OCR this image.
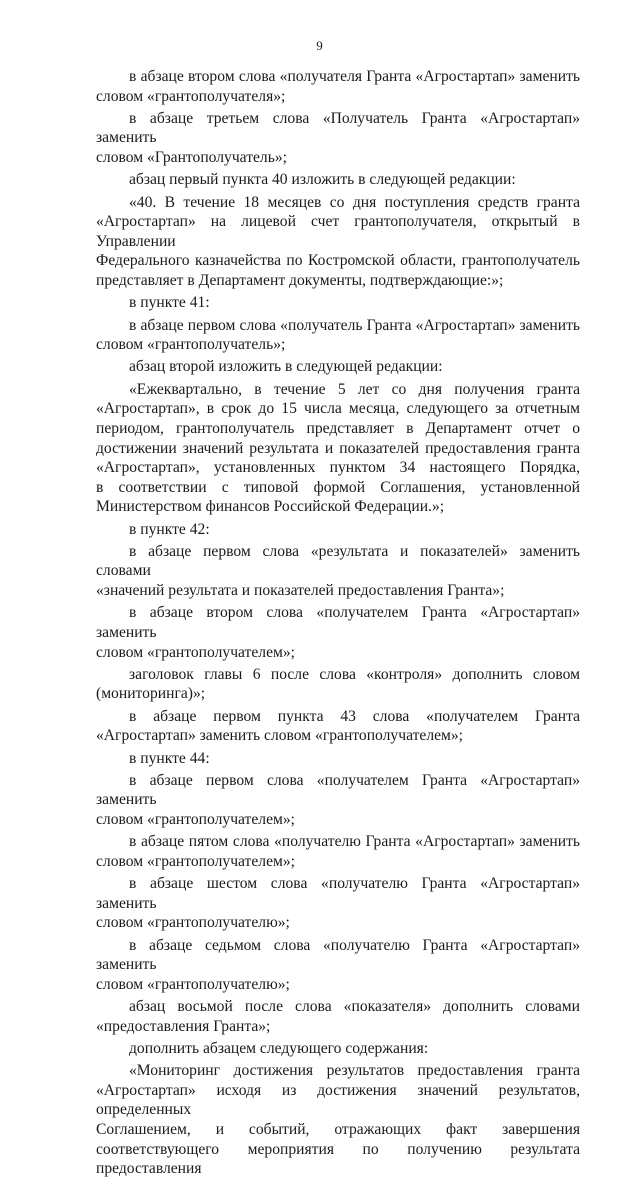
9

в абзаце втором слова «получателя Гранта «Агростартап» заменить
словом «грантополучателя»;

в абзаце третьем слова «Получатель Гранта «Агростартап» заменить
словом «Грантополучатель»;

абзац первый пункта 40 изложить в следующей редакции:

«40. В течение 18 месяцев со дня поступления средств гранта
«Агростартап» на лицевой счет грантополучателя, открытый в Управлении
Федерального казначейства по Костромской области, грантополучатель
представляет в Департамент документы, подтверждающие:»;

в пункте 41:

в абзаце первом слова «получатель Гранта «Агростартап» заменить
словом «грантополучатель»;

абзац второй изложить в следующей редакции:

«Ежеквартально, в течение 5 лет со дня получения гранта
«Агростартап», в срок до 15 числа месяца, следующего за отчетным
периодом, грантополучатель представляет в Департамент отчет о
достижении значений результата и показателей предоставления гранта
«Агростартап», установленных пунктом 34 настоящего Порядка,
в соответствии с типовой формой Соглашения, установленной
Министерством финансов Российской Федерации.»;

в пункте 42:

в абзаце первом слова «результата и показателей» заменить словами
«значений результата и показателей предоставления Гранта»;

в абзаце втором слова «получателем Гранта «Агростартап» заменить
словом «грантополучателем»;

заголовок главы 6 после слова «контроля» дополнить словом
(мониторинга)»;

в абзаце первом пункта 43 слова «получателем Гранта
«Агростартап» заменить словом «грантополучателем»;

в пункте 44:

в абзаце первом слова «получателем Гранта «Агростартап» заменить
словом «грантополучателем»;

в абзаце пятом слова «получателю Гранта «Агростартап» заменить
словом «грантополучателем»;

в абзаце шестом слова «получателю Гранта «Агростартап» заменить
словом «грантополучателю»;

в абзаце седьмом слова «получателю Гранта «Агростартап» заменить
словом «грантополучателю»;

абзац восьмой после слова «показателя» дополнить словами
«предоставления Гранта»;

дополнить абзацем следующего содержания:

«Мониторинг достижения результатов предоставления гранта
«Агростартап» исходя из достижения значений результатов, определенных
Соглашением, и событий, отражающих факт завершения
соответствующего мероприятия по получению результата предоставления
